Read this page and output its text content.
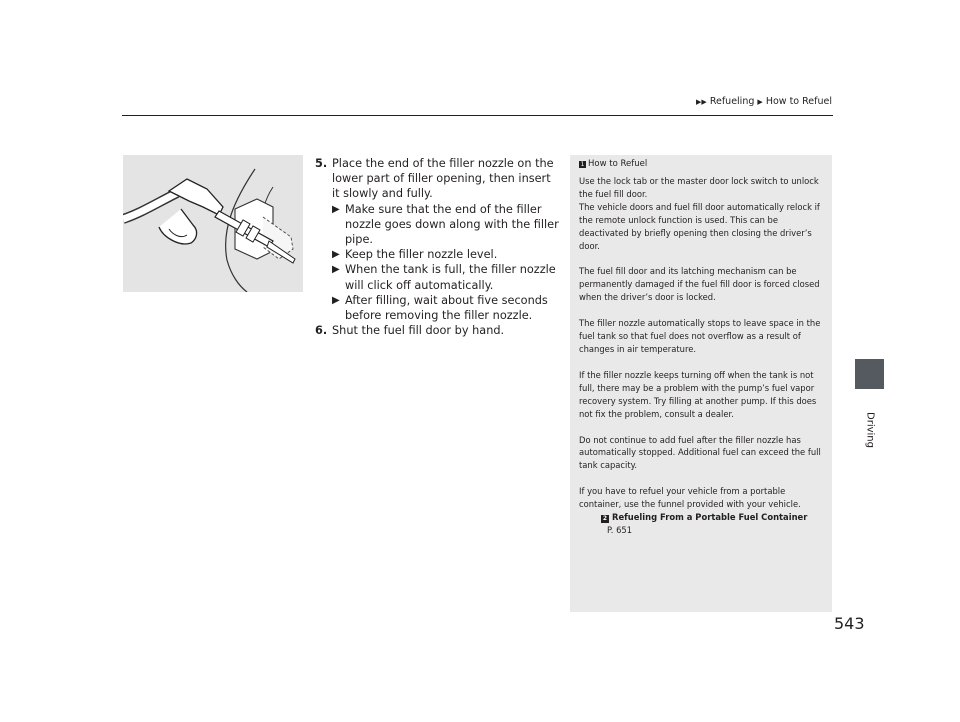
▶▶ Refueling ▶ How to Refuel
Driving
5. Place the end of the filler nozzle on the lower part of filler opening, then insert it slowly and fully.
▶ Make sure that the end of the filler nozzle goes down along with the filler pipe.
▶ Keep the filler nozzle level.
▶ When the tank is full, the filler nozzle will click off automatically.
▶ After filling, wait about five seconds before removing the filler nozzle.
6. Shut the fuel fill door by hand.
1 How to Refuel

Use the lock tab or the master door lock switch to unlock the fuel fill door.
The vehicle doors and fuel fill door automatically relock if the remote unlock function is used. This can be deactivated by briefly opening then closing the driver’s door.

The fuel fill door and its latching mechanism can be permanently damaged if the fuel fill door is forced closed when the driver’s door is locked.

The filler nozzle automatically stops to leave space in the fuel tank so that fuel does not overflow as a result of changes in air temperature.

If the filler nozzle keeps turning off when the tank is not full, there may be a problem with the pump’s fuel vapor recovery system. Try filling at another pump. If this does not fix the problem, consult a dealer.

Do not continue to add fuel after the filler nozzle has automatically stopped. Additional fuel can exceed the full tank capacity.

If you have to refuel your vehicle from a portable container, use the funnel provided with your vehicle.

2 Refueling From a Portable Fuel Container
P. 651
543
